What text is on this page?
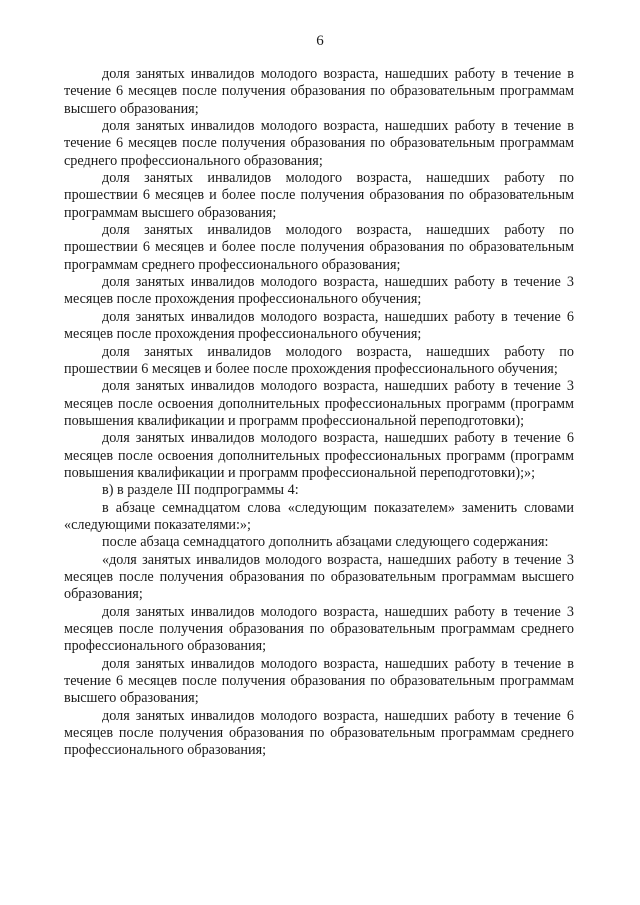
6

доля занятых инвалидов молодого возраста, нашедших работу в течение в течение 6 месяцев после получения образования по образовательным программам высшего образования;

доля занятых инвалидов молодого возраста, нашедших работу в течение в течение 6 месяцев после получения образования по образовательным программам среднего профессионального образования;

доля занятых инвалидов молодого возраста, нашедших работу по прошествии 6 месяцев и более после получения образования по образовательным программам высшего образования;

доля занятых инвалидов молодого возраста, нашедших работу по прошествии 6 месяцев и более после получения образования по образовательным программам среднего профессионального образования;

доля занятых инвалидов молодого возраста, нашедших работу в течение 3 месяцев после прохождения профессионального обучения;

доля занятых инвалидов молодого возраста, нашедших работу в течение 6 месяцев после прохождения профессионального обучения;

доля занятых инвалидов молодого возраста, нашедших работу по прошествии 6 месяцев и более после прохождения профессионального обучения;

доля занятых инвалидов молодого возраста, нашедших работу в течение 3 месяцев после освоения дополнительных профессиональных программ (программ повышения квалификации и программ профессиональной переподготовки);

доля занятых инвалидов молодого возраста, нашедших работу в течение 6 месяцев после освоения дополнительных профессиональных программ (программ повышения квалификации и программ профессиональной переподготовки);»;

в) в разделе III подпрограммы 4:

в абзаце семнадцатом слова «следующим показателем» заменить словами «следующими показателями:»;

после абзаца семнадцатого дополнить абзацами следующего содержания:

«доля занятых инвалидов молодого возраста, нашедших работу в течение 3 месяцев после получения образования по образовательным программам высшего образования;

доля занятых инвалидов молодого возраста, нашедших работу в течение 3 месяцев после получения образования по образовательным программам среднего профессионального образования;

доля занятых инвалидов молодого возраста, нашедших работу в течение в течение 6 месяцев после получения образования по образовательным программам высшего образования;

доля занятых инвалидов молодого возраста, нашедших работу в течение 6 месяцев после получения образования по образовательным программам среднего профессионального образования;
